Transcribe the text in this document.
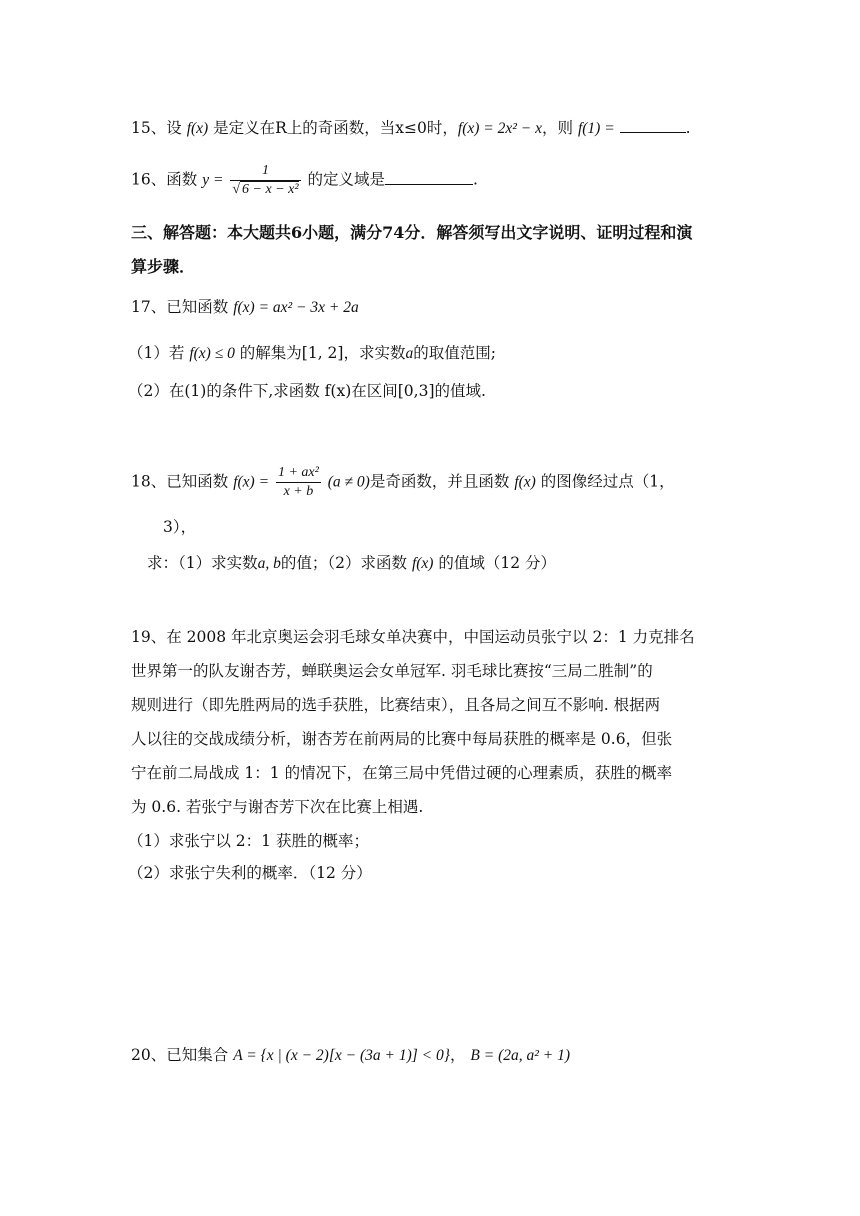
15、设 f(x) 是定义在R上的奇函数，当x≤0时，f(x) = 2x² − x，则 f(1) =	.
16、函数 $y = \frac{1}{\text{√ 6 − x − x²}}$ 的定义域是	.
三、解答题：本大题共6小题，满分74分．解答须写出文字说明、证明过程和演
算步骤．
17、已知函数 f(x) = ax² − 3x + 2a
（1）若 f(x) ≤ 0 的解集为[1, 2]，求实数a的取值范围;
（2）在(1)的条件下,求函数 f(x)在区间[0,3]的值域.
18、已知函数 $f(x) = \frac{\text{1 + ax²}}{x + b} (a \ne 0)$是奇函数，并且函数 f(x) 的图像经过点（1，
3），
求：（1）求实数a, b的值；（2）求函数 f(x) 的值域（12 分）
19、在 2008 年北京奥运会羽毛球女单决赛中，中国运动员张宁以 2：1 力克排名
世界第一的队友谢杏芳，蝉联奥运会女单冠军. 羽毛球比赛按“三局二胜制”的
规则进行（即先胜两局的选手获胜，比赛结束），且各局之间互不影响. 根据两
人以往的交战成绩分析，谢杏芳在前两局的比赛中每局获胜的概率是 0.6，但张
宁在前二局战成 1：1 的情况下，在第三局中凭借过硬的心理素质，获胜的概率
为 0.6. 若张宁与谢杏芳下次在比赛上相遇.
（1）求张宁以 2：1 获胜的概率；
（2）求张宁失利的概率．（12 分）
20、已知集合 A = {x | (x − 2)[x − (3a + 1)] < 0}， B = (2a, a² + 1)
